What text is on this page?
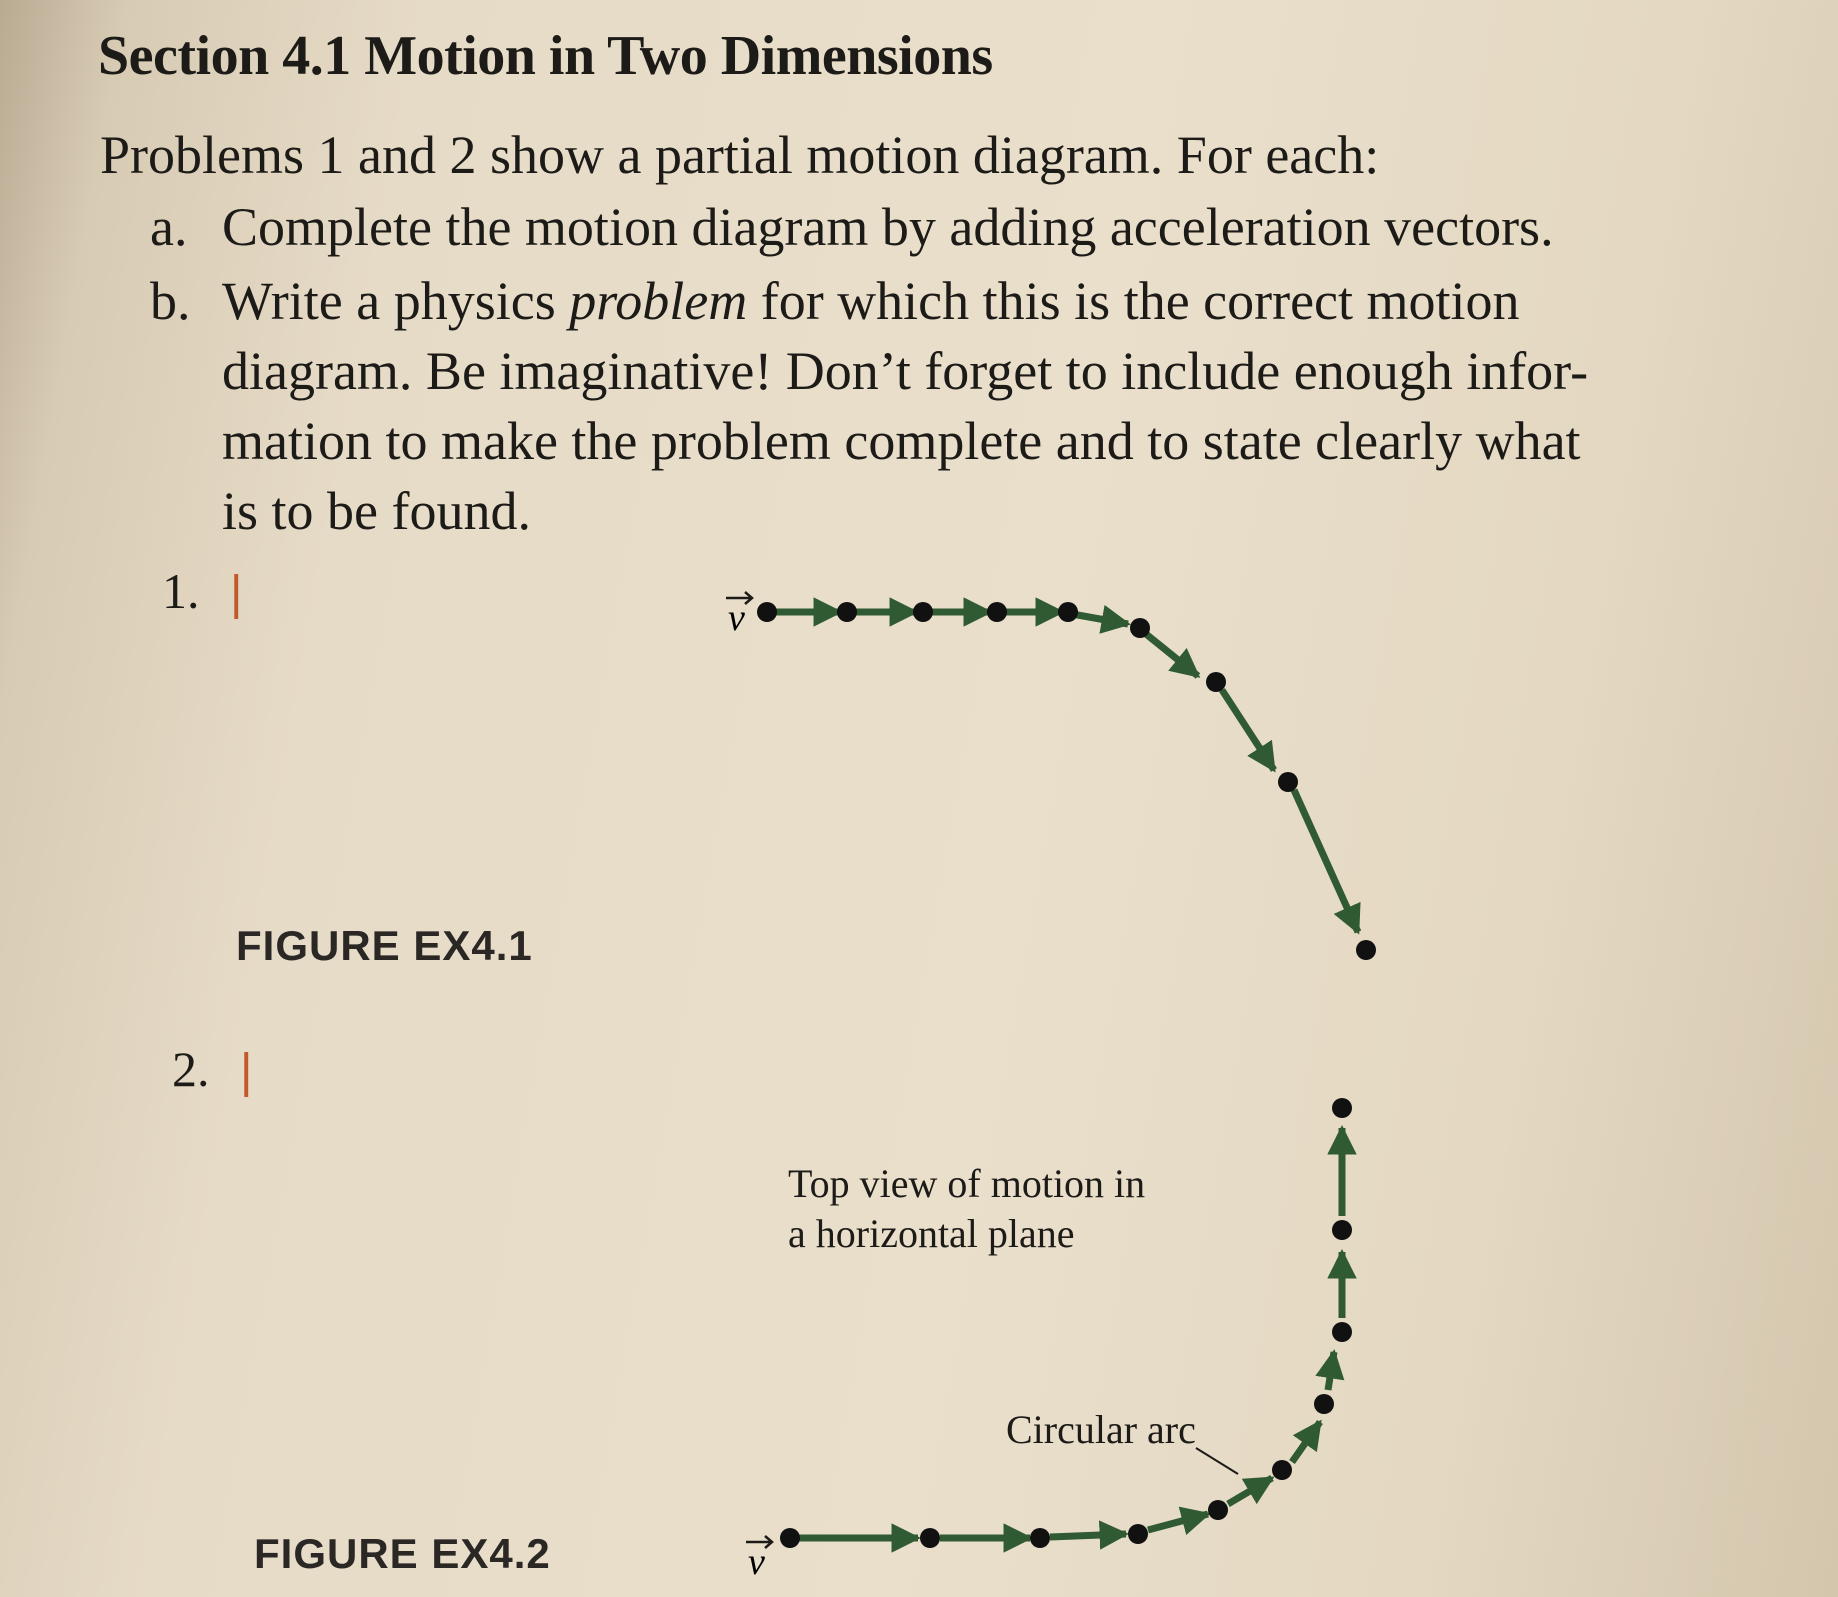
Section 4.1 Motion in Two Dimensions
Problems 1 and 2 show a partial motion diagram. For each:
a. Complete the motion diagram by adding acceleration vectors.
b. Write a physics problem for which this is the correct motion
diagram. Be imaginative! Don’t forget to include enough infor-
mation to make the problem complete and to state clearly what
is to be found.
1. |
FIGURE EX4.1
2. |
FIGURE EX4.2
Top view of motion in
a horizontal plane
Circular arc
v
v
